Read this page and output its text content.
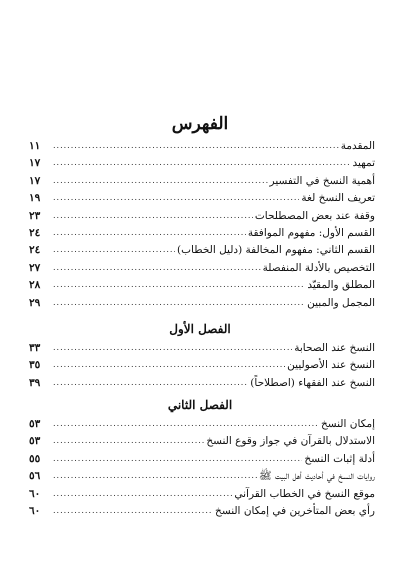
الفهرس
المقدمة
.....
١١
تمهيد
.....
١٧
أهمية النسخ في التفسير
.....
١٧
تعريف النسخ لغة
.....
١٩
وقفة عند بعض المصطلحات
.....
٢٣
القسم الأول: مفهوم الموافقة
.....
٢٤
القسم الثاني: مفهوم المخالفة (دليل الخطاب)
.....
٢٤
التخصيص بالأدلة المنفصلة
.....
٢٧
المطلق والمقيّد
.....
٢٨
المجمل والمبين
.....
٢٩
الفصل الأول
النسخ عند الصحابة
.....
٣٣
النسخ عند الأصوليين
.....
٣٥
النسخ عند الفقهاء (اصطلاحاً)
.....
٣٩
الفصل الثاني
إمكان النسخ
.....
٥٣
الاستدلال بالقرآن في جواز وقوع النسخ
.....
٥٣
أدلة إثبات النسخ
.....
٥٥
روايات النسخ في أحاديث أهل البيت ﷺ
.....
٥٦
موقع النسخ في الخطاب القرآني
.....
٦٠
رأي بعض المتأخرين في إمكان النسخ
.....
٦٠
